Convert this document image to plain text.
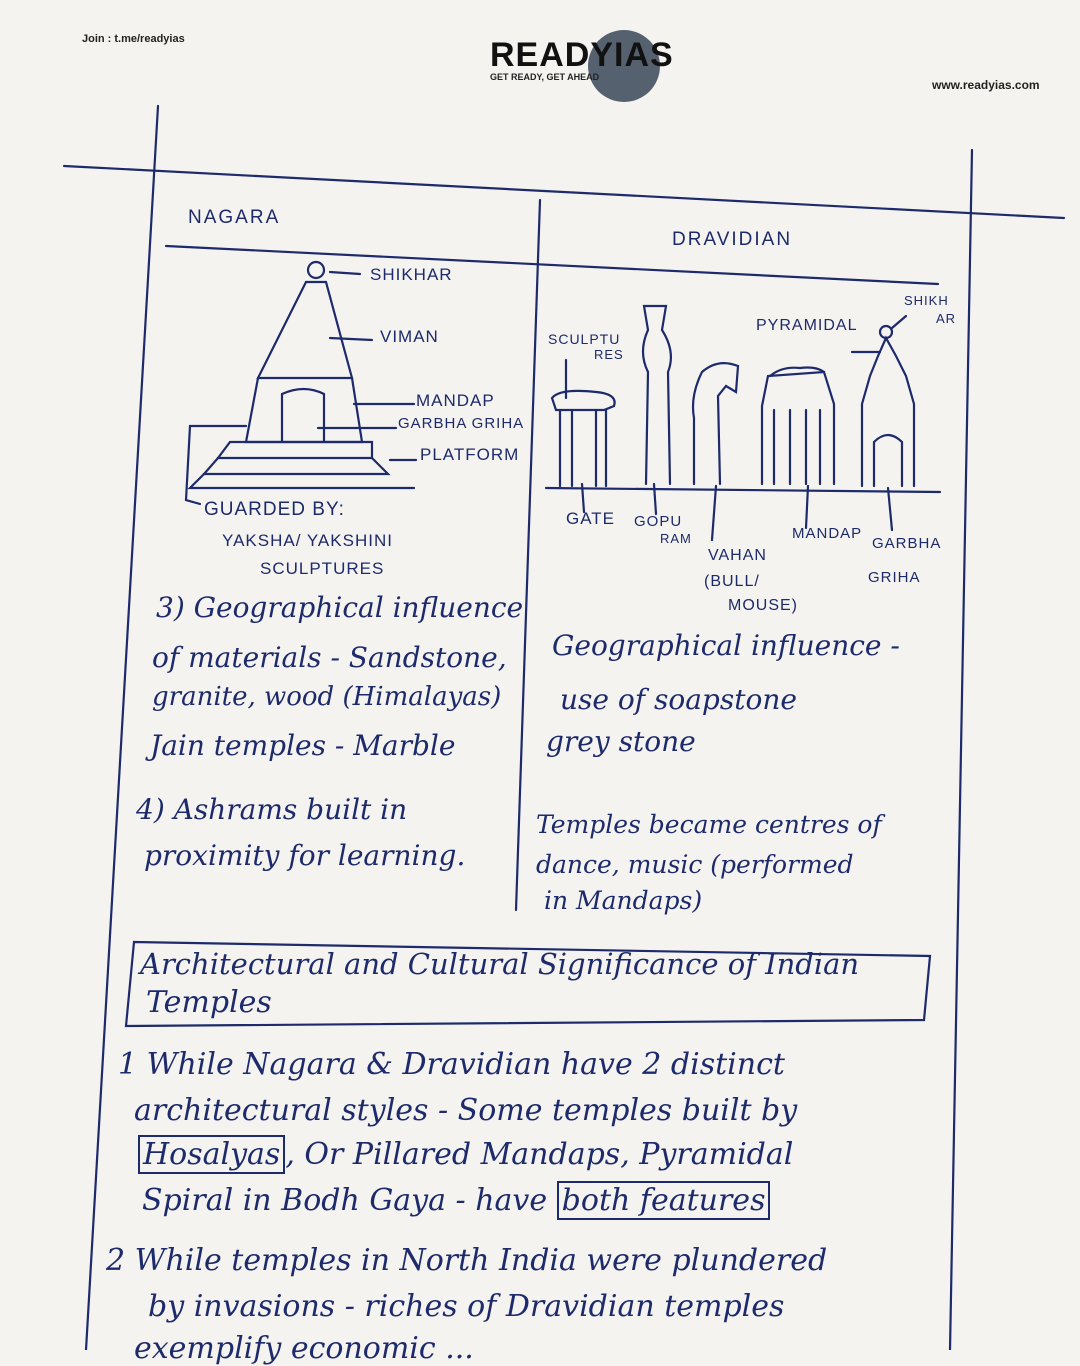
Join : t.me/readyias	READYIAS
GET READY, GET AHEAD
www.readyias.com
NAGARA
SHIKHAR
VIMAN
MANDAP
GARBHA GRIHA
PLATFORM
GUARDED BY:
YAKSHA/ YAKSHINI
SCULPTURES
3) Geographical influence
of materials - Sandstone,
granite, wood (Himalayas)
Jain temples - Marble
4) Ashrams built in
proximity for learning.
DRAVIDIAN
SCULPTU
RES
PYRAMIDAL
SHIKH
AR
GATE GOPU
RAM
VAHAN
(BULL/
MOUSE)
MANDAP
GARBHA
GRIHA
Geographical influence -
use of soapstone
grey stone
Temples became centres of
dance, music (performed
in Mandaps)
Architectural and Cultural Significance of Indian
Temples
1 While Nagara & Dravidian have 2 distinct
architectural styles - Some temples built by
Hosalyas , Or Pillared Mandaps, Pyramidal
Spiral in Bodh Gaya - have both features
2 While temples in North India were plundered
by invasions - riches of Dravidian temples
exemplify economic ...
